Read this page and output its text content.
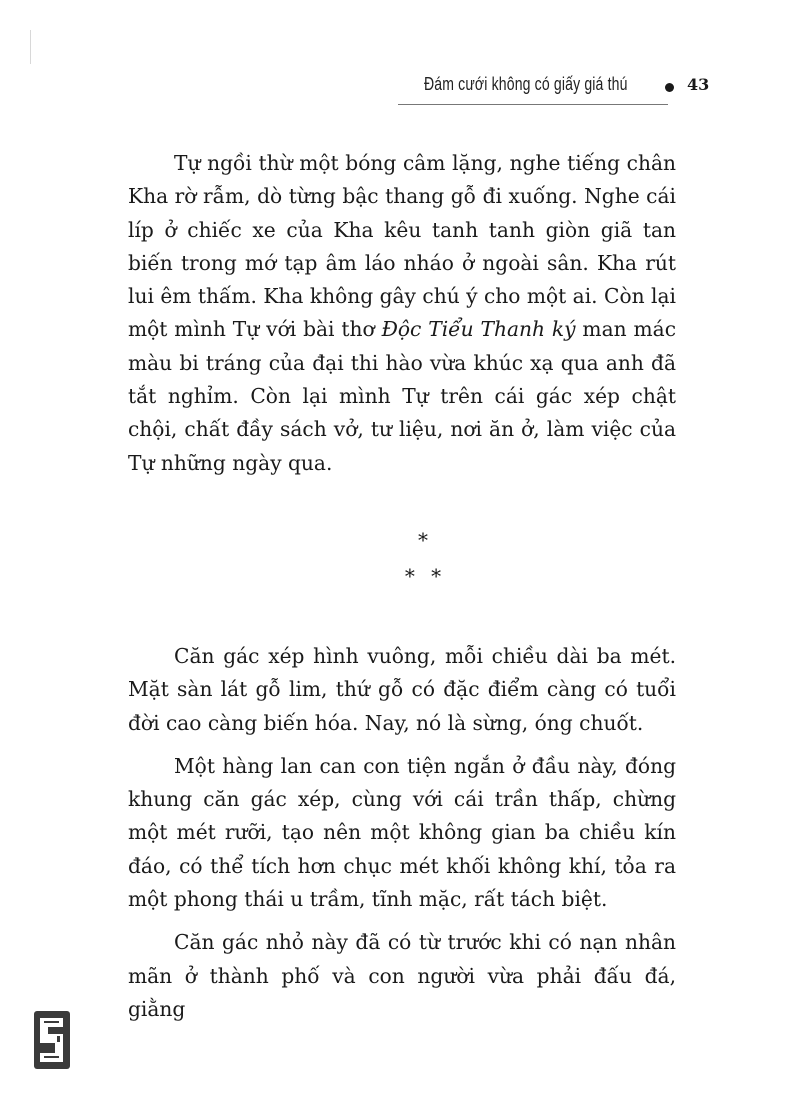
Đám cưới không có giấy giá thú	43

Tự ngồi thừ một bóng câm lặng, nghe tiếng chân Kha rờ rẫm, dò từng bậc thang gỗ đi xuống. Nghe cái líp ở chiếc xe của Kha kêu tanh tanh giòn giã tan biến trong mớ tạp âm láo nháo ở ngoài sân. Kha rút lui êm thấm. Kha không gây chú ý cho một ai. Còn lại một mình Tự với bài thơ Độc Tiểu Thanh ký man mác màu bi tráng của đại thi hào vừa khúc xạ qua anh đã tắt nghỉm. Còn lại mình Tự trên cái gác xép chật chội, chất đầy sách vở, tư liệu, nơi ăn ở, làm việc của Tự những ngày qua.

*
* *

Căn gác xép hình vuông, mỗi chiều dài ba mét. Mặt sàn lát gỗ lim, thứ gỗ có đặc điểm càng có tuổi đời cao càng biến hóa. Nay, nó là sừng, óng chuốt.

Một hàng lan can con tiện ngắn ở đầu này, đóng khung căn gác xép, cùng với cái trần thấp, chừng một mét rưỡi, tạo nên một không gian ba chiều kín đáo, có thể tích hơn chục mét khối không khí, tỏa ra một phong thái u trầm, tĩnh mặc, rất tách biệt.

Căn gác nhỏ này đã có từ trước khi có nạn nhân mãn ở thành phố và con người vừa phải đấu đá, giằng
